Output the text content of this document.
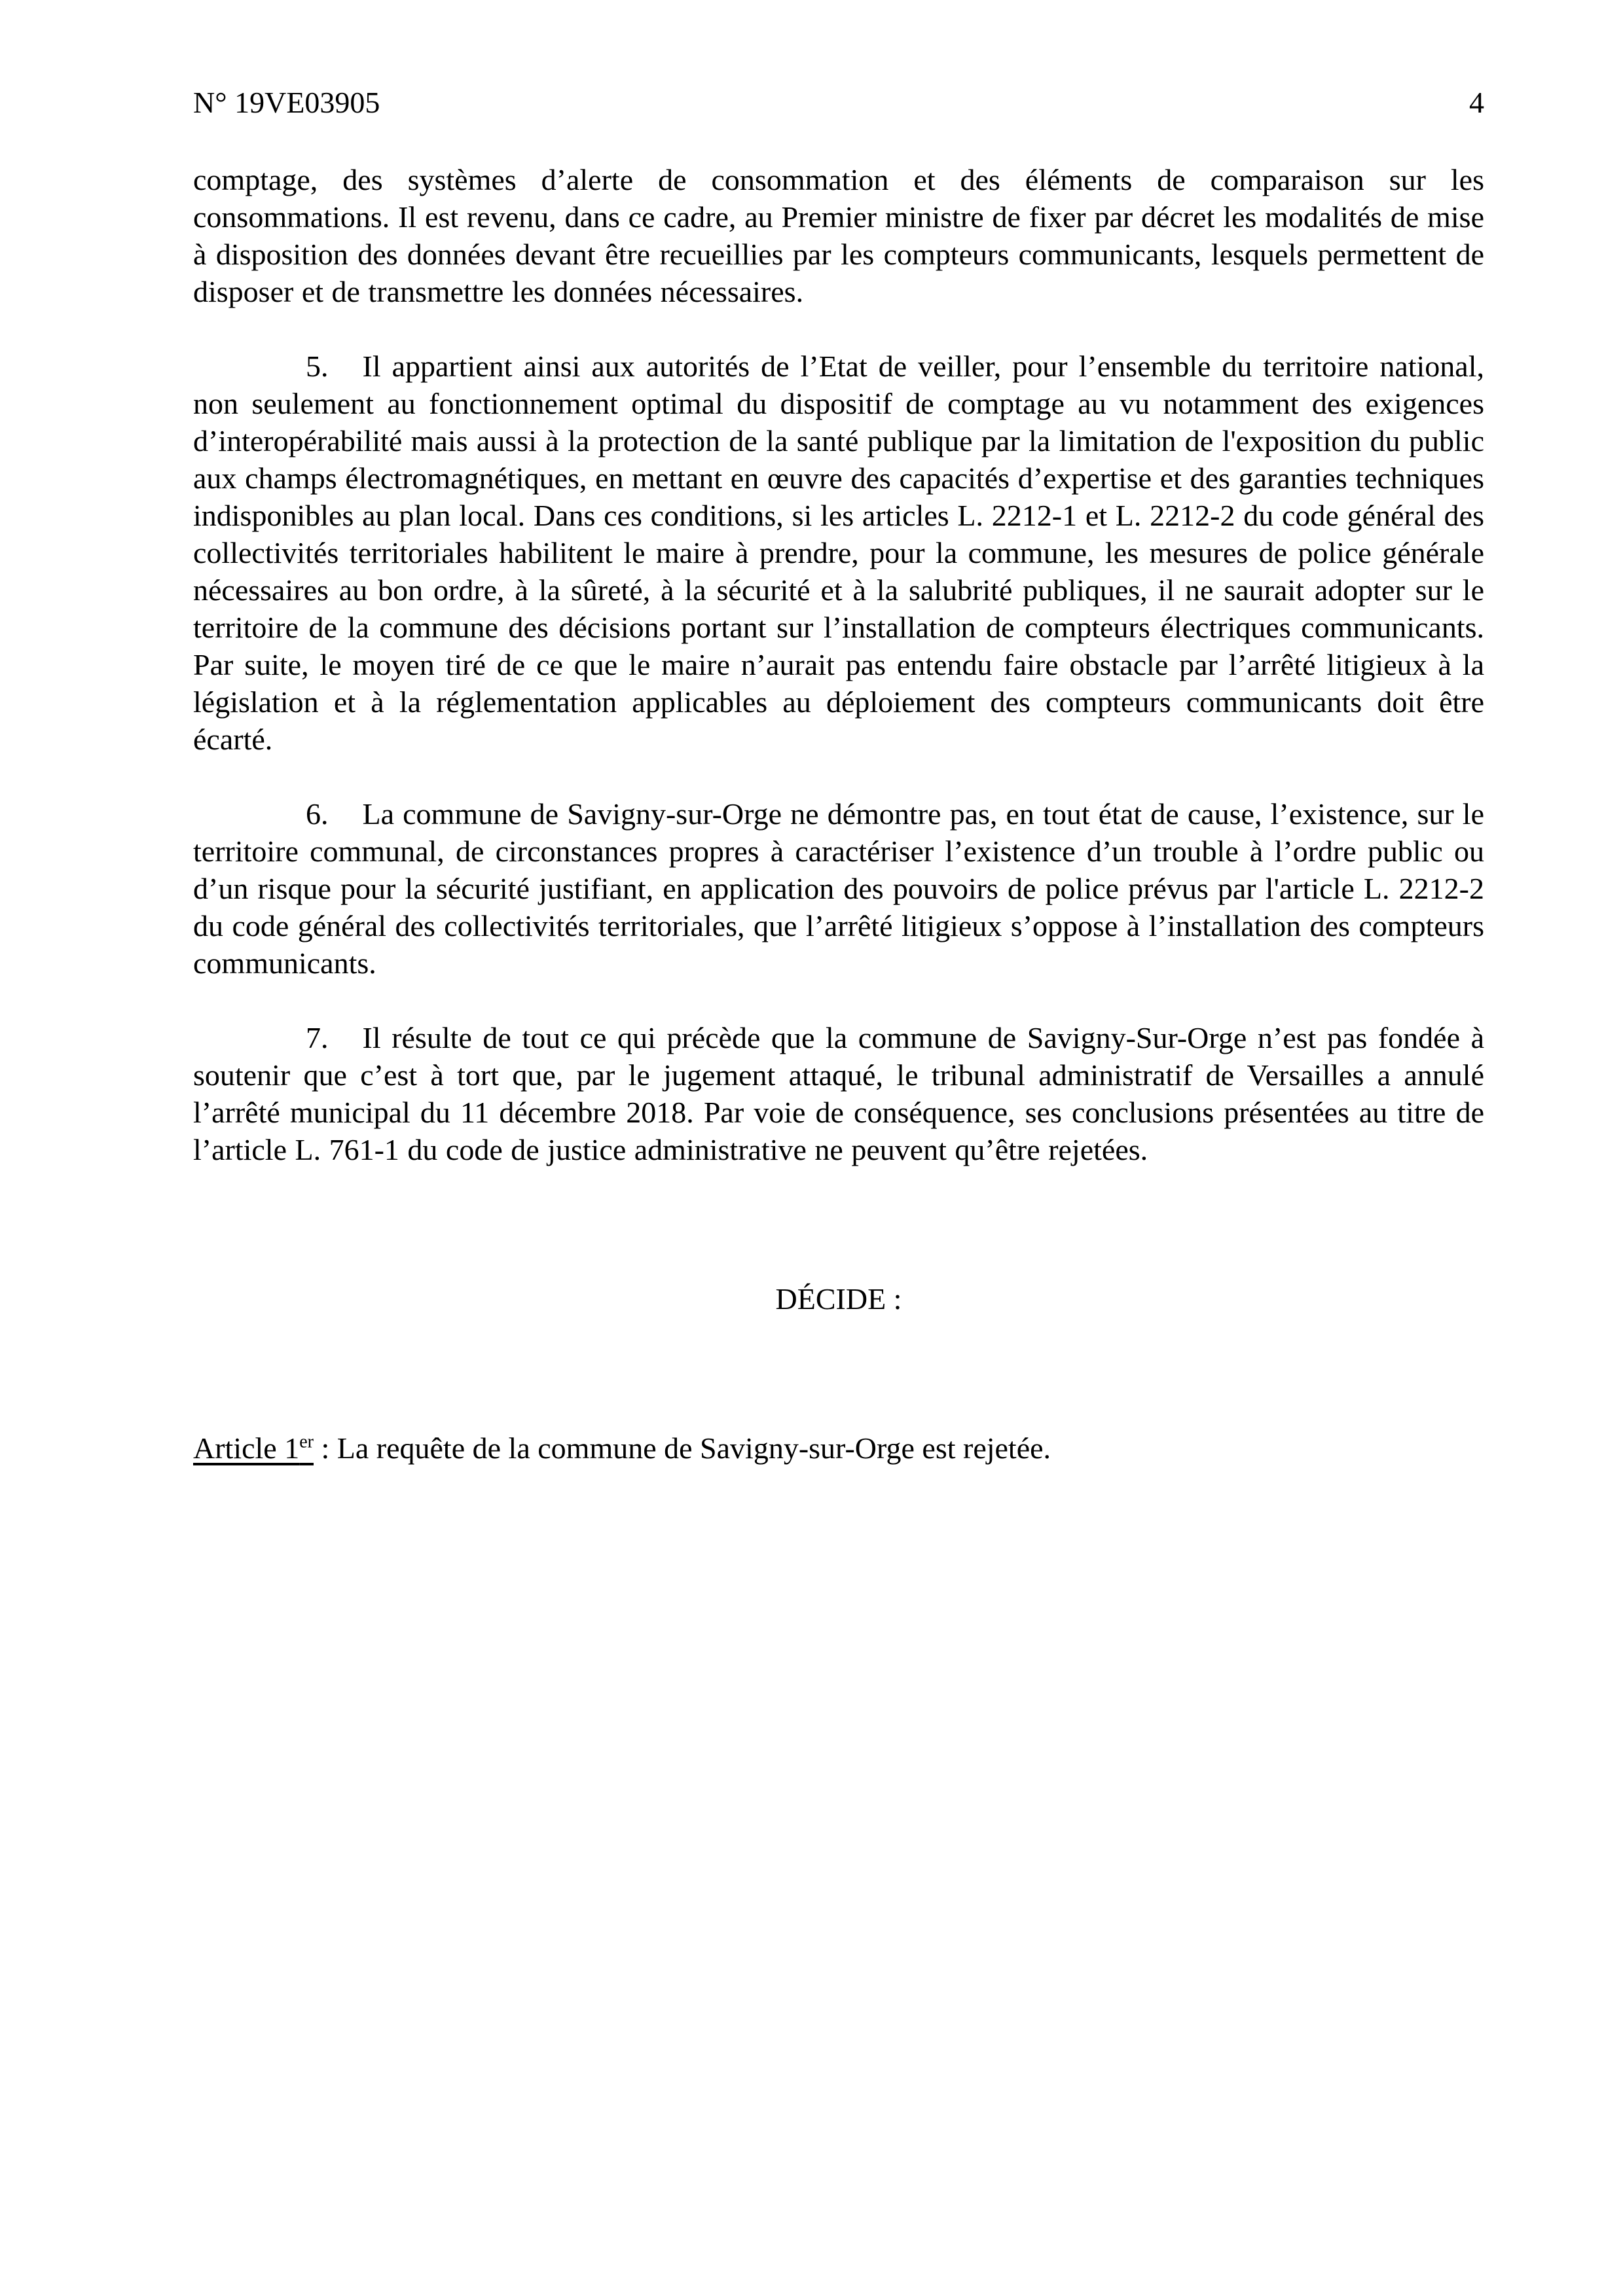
N° 19VE03905	4

comptage, des systèmes d’alerte de consommation et des éléments de comparaison sur les consommations. Il est revenu, dans ce cadre, au Premier ministre de fixer par décret les modalités de mise à disposition des données devant être recueillies par les compteurs communicants, lesquels permettent de disposer et de transmettre les données nécessaires.

5. Il appartient ainsi aux autorités de l’Etat de veiller, pour l’ensemble du territoire national, non seulement au fonctionnement optimal du dispositif de comptage au vu notamment des exigences d’interopérabilité mais aussi à la protection de la santé publique par la limitation de l'exposition du public aux champs électromagnétiques, en mettant en œuvre des capacités d’expertise et des garanties techniques indisponibles au plan local. Dans ces conditions, si les articles L. 2212-1 et L. 2212-2 du code général des collectivités territoriales habilitent le maire à prendre, pour la commune, les mesures de police générale nécessaires au bon ordre, à la sûreté, à la sécurité et à la salubrité publiques, il ne saurait adopter sur le territoire de la commune des décisions portant sur l’installation de compteurs électriques communicants. Par suite, le moyen tiré de ce que le maire n’aurait pas entendu faire obstacle par l’arrêté litigieux à la législation et à la réglementation applicables au déploiement des compteurs communicants doit être écarté.

6. La commune de Savigny-sur-Orge ne démontre pas, en tout état de cause, l’existence, sur le territoire communal, de circonstances propres à caractériser l’existence d’un trouble à l’ordre public ou d’un risque pour la sécurité justifiant, en application des pouvoirs de police prévus par l'article L. 2212-2 du code général des collectivités territoriales, que l’arrêté litigieux s’oppose à l’installation des compteurs communicants.

7. Il résulte de tout ce qui précède que la commune de Savigny-Sur-Orge n’est pas fondée à soutenir que c’est à tort que, par le jugement attaqué, le tribunal administratif de Versailles a annulé l’arrêté municipal du 11 décembre 2018. Par voie de conséquence, ses conclusions présentées au titre de l’article L. 761-1 du code de justice administrative ne peuvent qu’être rejetées.

DÉCIDE :

Article 1er : La requête de la commune de Savigny-sur-Orge est rejetée.
